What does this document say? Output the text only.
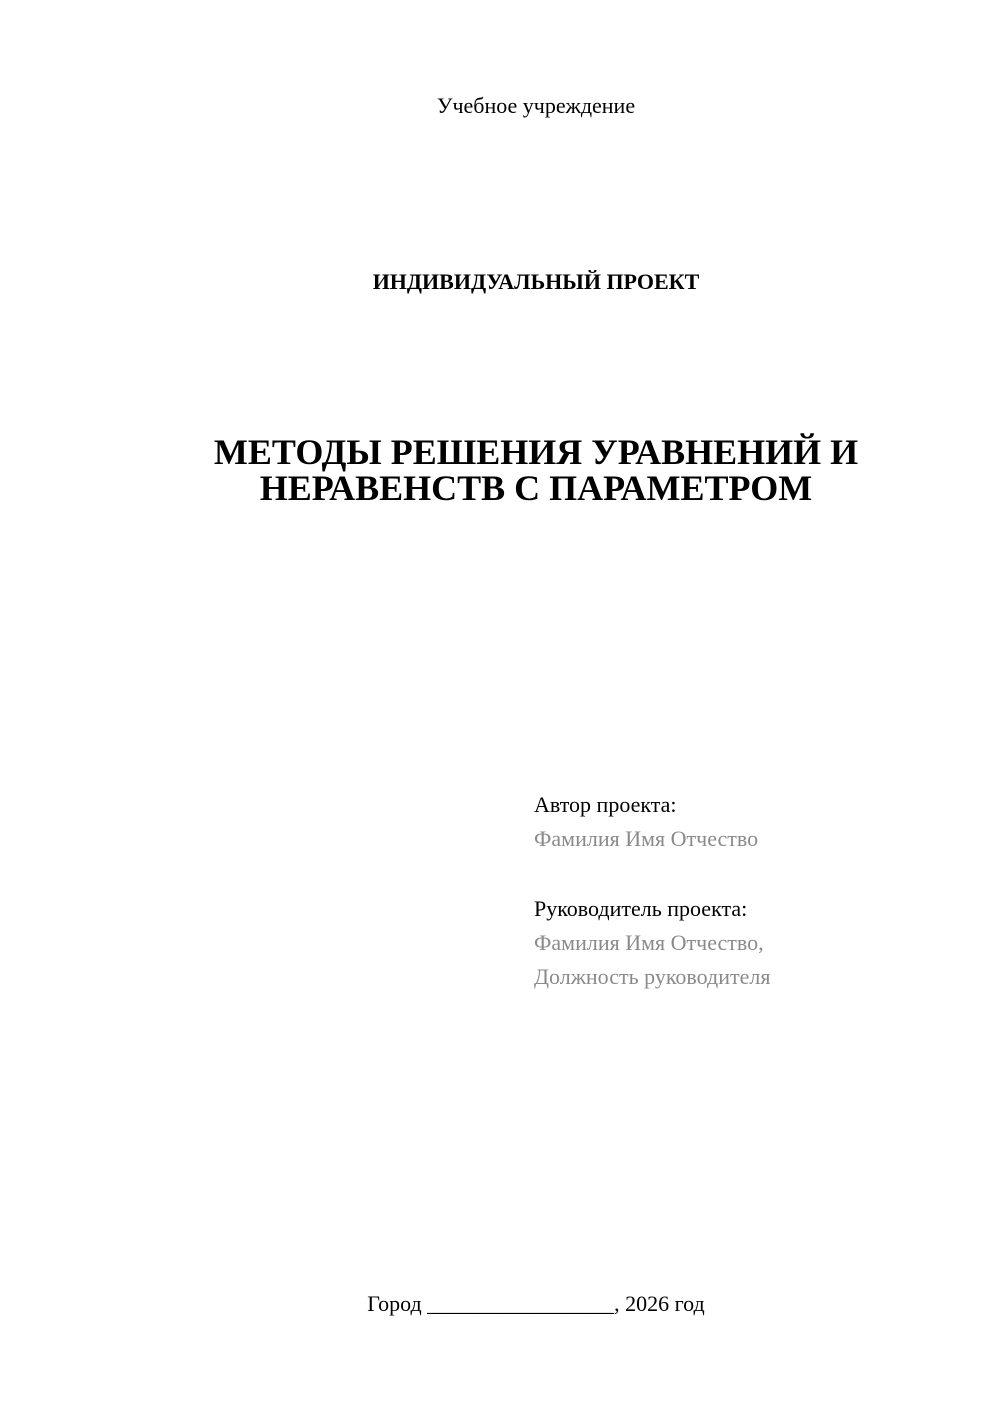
Учебное учреждение
ИНДИВИДУАЛЬНЫЙ ПРОЕКТ
МЕТОДЫ РЕШЕНИЯ УРАВНЕНИЙ И
НЕРАВЕНСТВ С ПАРАМЕТРОМ
Автор проекта:
Фамилия Имя Отчество
Руководитель проекта:
Фамилия Имя Отчество,
Должность руководителя
Город _________________, 2026 год
